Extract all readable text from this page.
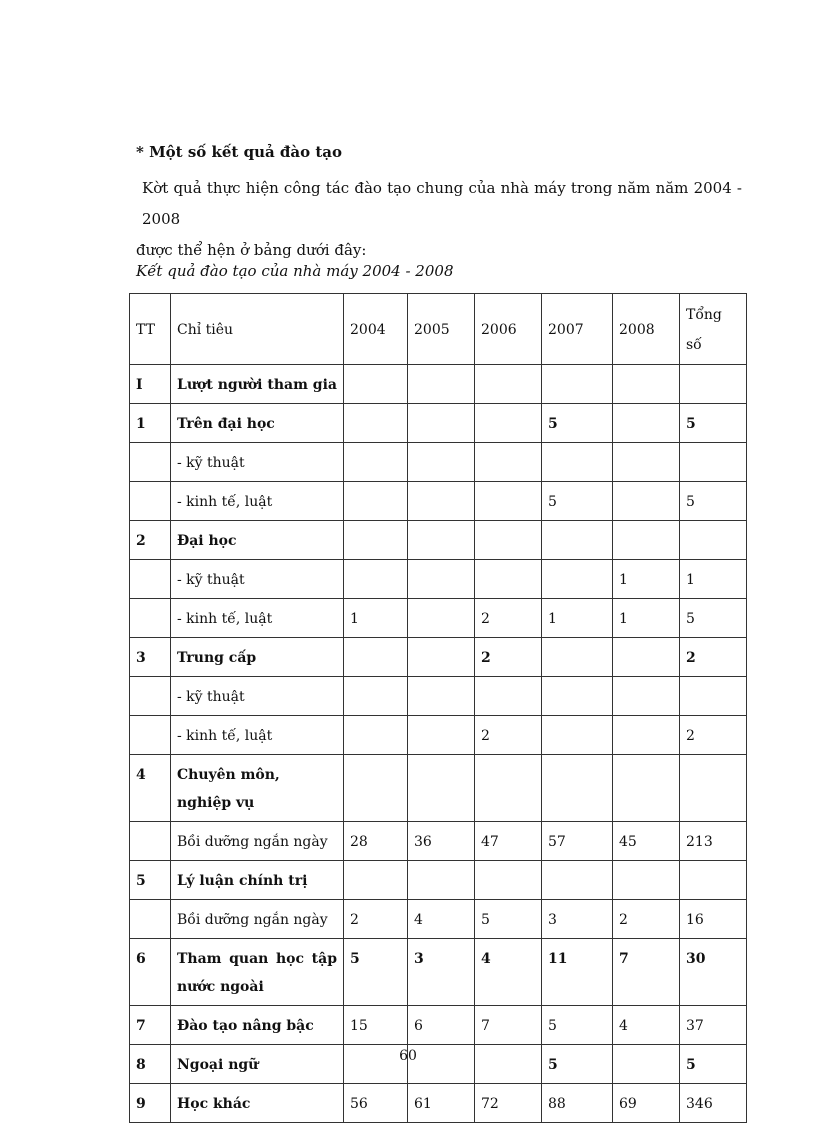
* Một số kết quả đào tạo
Kờt quả thực hiện công tác đào tạo chung của nhà máy trong năm năm 2004 - 2008
được thể hện ở bảng dưới đây:
Kết quả đào tạo của nhà máy 2004 - 2008
TT	Chỉ tiêu	2004	2005	2006	2007	2008	Tổng số
I	Lượt người tham gia						
1	Trên đại học				5		5
	- kỹ thuật						
	- kinh tế, luật				5		5
2	Đại học						
	- kỹ thuật					1	1
	- kinh tế, luật	1		2	1	1	5
3	Trung cấp			2			2
	- kỹ thuật						
	- kinh tế, luật			2			2
4	Chuyên môn, nghiệp vụ						
	Bồi dưỡng ngắn ngày	28	36	47	57	45	213
5	Lý luận chính trị						
	Bồi dưỡng ngắn ngày	2	4	5	3	2	16
6	Tham quan học tập nước ngoài	5	3	4	11	7	30
7	Đào tạo nâng bậc	15	6	7	5	4	37
8	Ngoại ngữ				5		5
9	Học khác	56	61	72	88	69	346
60
